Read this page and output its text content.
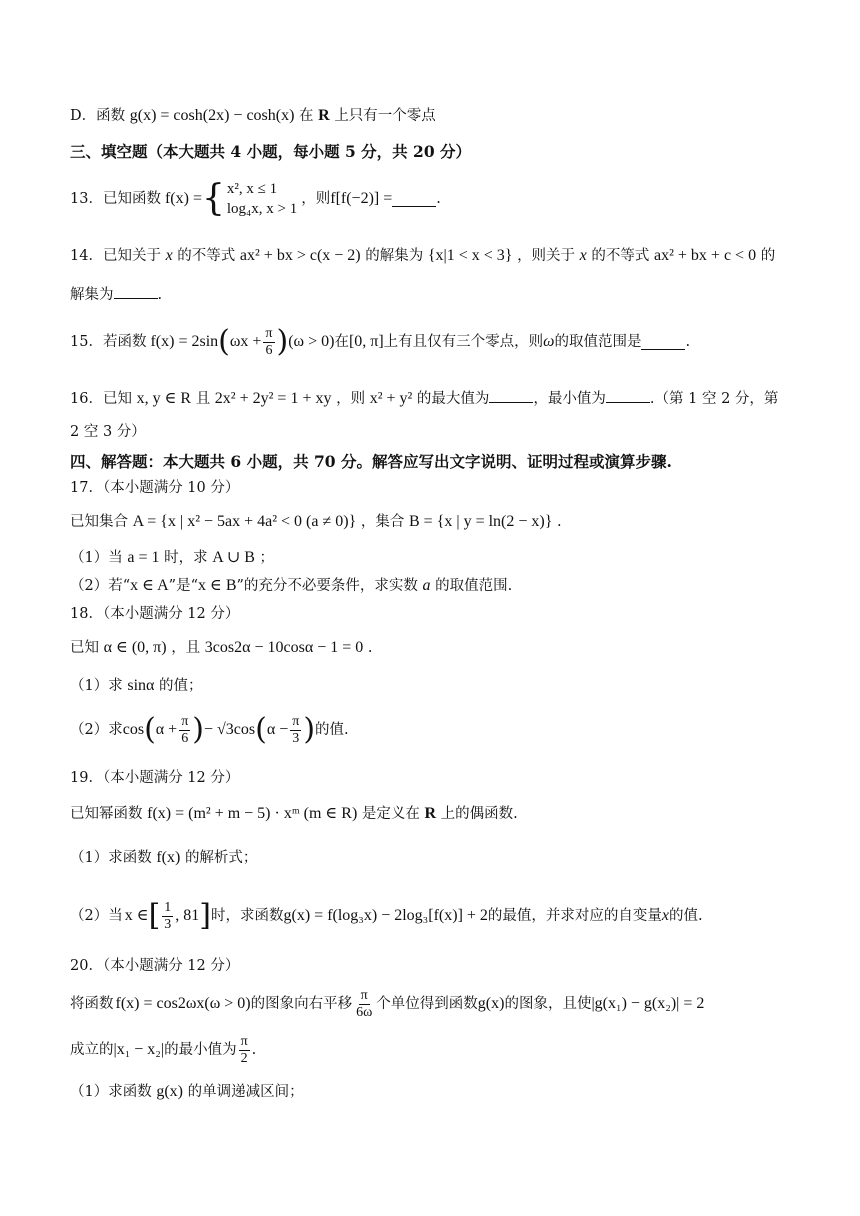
D．函数 g(x) = cosh(2x) − cosh(x) 在 R 上只有一个零点
三、填空题（本大题共 4 小题，每小题 5 分，共 20 分）
13．已知函数 f(x) = { x², x ≤ 1
log₄x, x > 1
，则 f[f(−2)] =	.
14．已知关于 x 的不等式 ax² + bx > c(x − 2) 的解集为 {x|1 < x < 3} ，则关于 x 的不等式 ax² + bx + c < 0 的
解集为	.
15．若函数 f(x) = 2sin ( $\omega x + \frac{\pi}{6}$ ) (ω > 0) 在 [0, π] 上有且仅有三个零点，则 ω 的取值范围是	.
16．已知 x, y ∈ R 且 2x² + 2y² = 1 + xy ，则 x² + y² 的最大值为	，最小值为	.（第 1 空 2 分，第
2 空 3 分）
四、解答题：本大题共 6 小题，共 70 分。解答应写出文字说明、证明过程或演算步骤.
17．（本小题满分 10 分）
已知集合 A = {x | x² − 5ax + 4a² < 0 (a ≠ 0)} ，集合 B = {x | y = ln(2 − x)} .
（1）当 a = 1 时，求 A ∪ B ；
（2）若“x ∈ A”是“x ∈ B”的充分不必要条件，求实数 a 的取值范围.
18．（本小题满分 12 分）
已知 α ∈ (0, π) ，且 3cos2α − 10cosα − 1 = 0 .
（1）求 sinα 的值；
（2）求 cos ( $\alpha + \frac{\pi}{6}$ ) − √3cos ( $\alpha - \frac{\pi}{3}$ ) 的值.
19．（本小题满分 12 分）
已知幂函数 f(x) = (m² + m − 5) · xᵐ (m ∈ R) 是定义在 R 上的偶函数.
（1）求函数 f(x) 的解析式；
（2）当 x ∈ [ $\frac{1}{3}$ , 81 ] 时，求函数 g(x) = f(log₃x) − 2log₃[f(x)] + 2 的最值，并求对应的自变量 x 的值.
20．（本小题满分 12 分）
将函数 f(x) = cos2ωx(ω > 0) 的图象向右平移 $\frac{\pi}{6\omega}$ 个单位得到函数 g(x) 的图象，且使 |g(x₁) − g(x₂)| = 2
成立的 |x₁ − x₂| 的最小值为 $\frac{\pi}{2}$ .
（1）求函数 g(x) 的单调递减区间；
